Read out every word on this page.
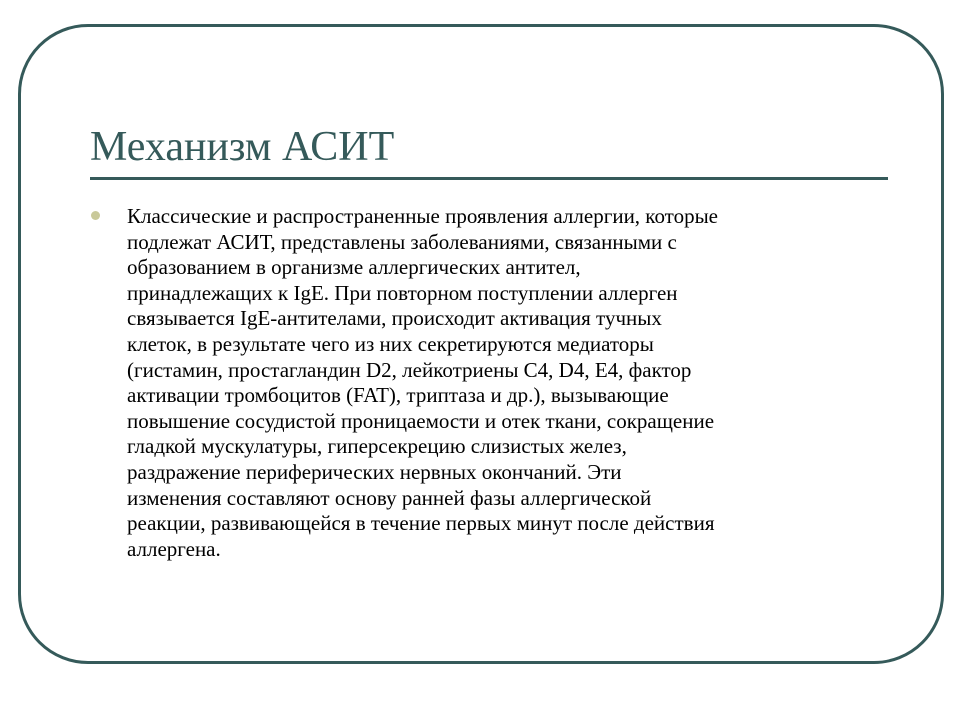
Механизм АСИТ
Классические и распространенные проявления аллергии, которые
подлежат АСИТ, представлены заболеваниями, связанными с
образованием в организме аллергических антител,
принадлежащих к IgE. При повторном поступлении аллерген
связывается IgE-антителами, происходит активация тучных
клеток, в результате чего из них секретируются медиаторы
(гистамин, простагландин D2, лейкотриены C4, D4, E4, фактор
активации тромбоцитов (FAT), триптаза и др.), вызывающие
повышение сосудистой проницаемости и отек ткани, сокращение
гладкой мускулатуры, гиперсекрецию слизистых желез,
раздражение периферических нервных окончаний. Эти
изменения составляют основу ранней фазы аллергической
реакции, развивающейся в течение первых минут после действия
аллергена.
